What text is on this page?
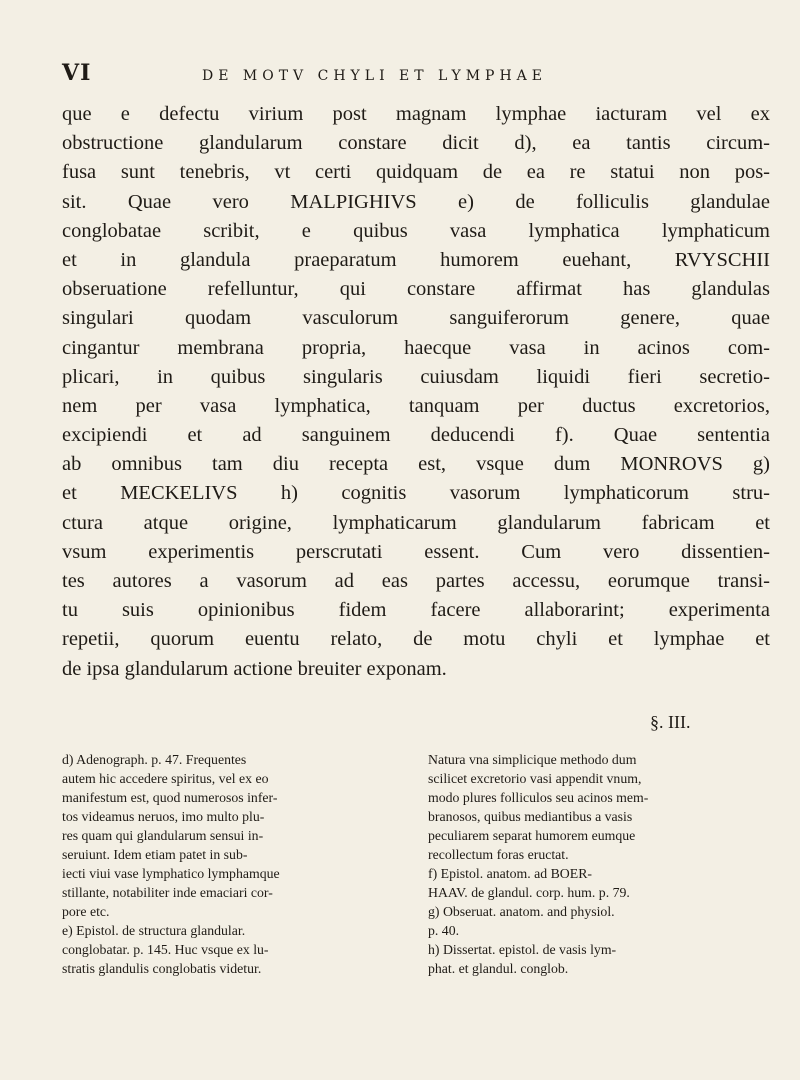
VI	DE MOTV CHYLI ET LYMPHAE
que e defectu virium post magnam lymphae iacturam vel ex
obstructione glandularum constare dicit d), ea tantis circum-
fusa sunt tenebris, vt certi quidquam de ea re statui non pos-
sit. Quae vero MALPIGHIVS e) de folliculis glandulae
conglobatae scribit, e quibus vasa lymphatica lymphaticum
et in glandula praeparatum humorem euehant, RVYSCHII
obseruatione refelluntur, qui constare affirmat has glandulas
singulari quodam vasculorum sanguiferorum genere, quae
cingantur membrana propria, haecque vasa in acinos com-
plicari, in quibus singularis cuiusdam liquidi fieri secretio-
nem per vasa lymphatica, tanquam per ductus excretorios,
excipiendi et ad sanguinem deducendi f). Quae sententia
ab omnibus tam diu recepta est, vsque dum MONROVS g)
et MECKELIVS h) cognitis vasorum lymphaticorum stru-
ctura atque origine, lymphaticarum glandularum fabricam et
vsum experimentis perscrutati essent. Cum vero dissentien-
tes autores a vasorum ad eas partes accessu, eorumque transi-
tu suis opinionibus fidem facere allaborarint; experimenta
repetii, quorum euentu relato, de motu chyli et lymphae et
de ipsa glandularum actione breuiter exponam.
§. III.
d) Adenograph. p. 47. Frequentes
autem hic accedere spiritus, vel ex eo
manifestum est, quod numerosos infer-
tos videamus neruos, imo multo plu-
res quam qui glandularum sensui in-
seruiunt. Idem etiam patet in sub-
iecti viui vase lymphatico lymphamque
stillante, notabiliter inde emaciari cor-
pore etc.
e) Epistol. de structura glandular.
conglobatar. p. 145. Huc vsque ex lu-
stratis glandulis conglobatis videtur.
Natura vna simplicique methodo dum
scilicet excretorio vasi appendit vnum,
modo plures folliculos seu acinos mem-
branosos, quibus mediantibus a vasis
peculiarem separat humorem eumque
recollectum foras eructat.
f) Epistol. anatom. ad BOER-
HAAV. de glandul. corp. hum. p. 79.
g) Obseruat. anatom. and physiol.
p. 40.
h) Dissertat. epistol. de vasis lym-
phat. et glandul. conglob.
